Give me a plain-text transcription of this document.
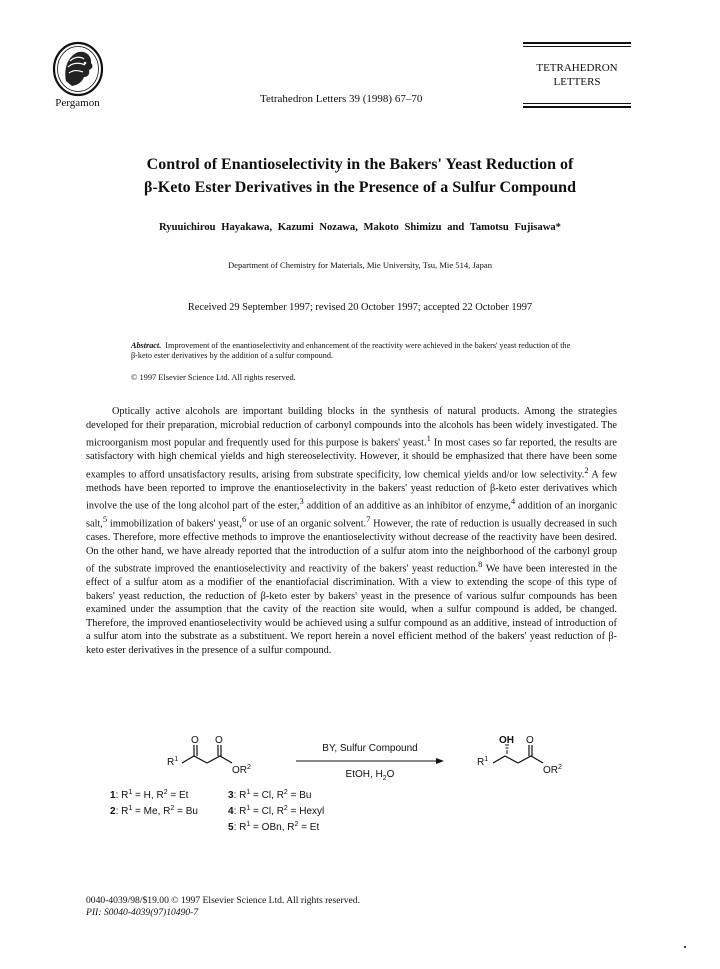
Pergamon	Tetrahedron Letters 39 (1998) 67–70
TETRAHEDRON
LETTERS
Control of Enantioselectivity in the Bakers' Yeast Reduction of
β-Keto Ester Derivatives in the Presence of a Sulfur Compound
Ryuuichirou Hayakawa, Kazumi Nozawa, Makoto Shimizu and Tamotsu Fujisawa*
Department of Chemistry for Materials, Mie University, Tsu, Mie 514, Japan
Received 29 September 1997; revised 20 October 1997; accepted 22 October 1997
Abstract. Improvement of the enantioselectivity and enhancement of the reactivity were achieved in the bakers' yeast reduction of the β-keto ester derivatives by the addition of a sulfur compound.
© 1997 Elsevier Science Ltd. All rights reserved.

Optically active alcohols are important building blocks in the synthesis of natural products. Among the strategies developed for their preparation, microbial reduction of carbonyl compounds into the alcohols has been widely investigated. The microorganism most popular and frequently used for this purpose is bakers' yeast.$^1$ In most cases so far reported, the results are satisfactory with high chemical yields and high stereoselectivity. However, it should be emphasized that there have been some examples to afford unsatisfactory results, arising from substrate specificity, low chemical yields and/or low selectivity.$^2$ A few methods have been reported to improve the enantioselectivity in the bakers' yeast reduction of β-keto ester derivatives which involve the use of the long alcohol part of the ester,$^3$ addition of an additive as an inhibitor of enzyme,$^4$ addition of an inorganic salt,$^5$ immobilization of bakers' yeast,$^6$ or use of an organic solvent.$^7$ However, the rate of reduction is usually decreased in such cases. Therefore, more effective methods to improve the enantioselectivity without decrease of the reactivity have been desired. On the other hand, we have already reported that the introduction of a sulfur atom into the neighborhood of the carbonyl group of the substrate improved the enantioselectivity and reactivity of the bakers' yeast reduction.$^8$ We have been interested in the effect of a sulfur atom as a modifier of the enantiofacial discrimination. With a view to extending the scope of this type of bakers' yeast reduction, the reduction of β-keto ester by bakers' yeast in the presence of various sulfur compounds has been examined under the assumption that the cavity of the reaction site would, when a sulfur compound is added, be changed. Therefore, the improved enantioselectivity would be achieved using a sulfur compound as an additive, instead of introduction of a sulfur atom into the substrate as a substituent. We report herein a novel efficient method of the bakers' yeast reduction of β-keto ester derivatives in the presence of a sulfur compound.

O O
$R^1$
$OR^2$
BY, Sulfur Compound
EtOH, $H_2O$
OH O
$R^1$
$OR^2$
1: $R^1 = H$, $R^2 = Et$
2: $R^1 = Me$, $R^2 = Bu$
3: $R^1 = Cl$, $R^2 = Bu$
4: $R^1 = Cl$, $R^2$ = Hexyl
5: $R^1$ = OBn, $R^2 = Et$
0040-4039/98/$19.00 © 1997 Elsevier Science Ltd. All rights reserved.
PII: S0040-4039(97)10490-7
